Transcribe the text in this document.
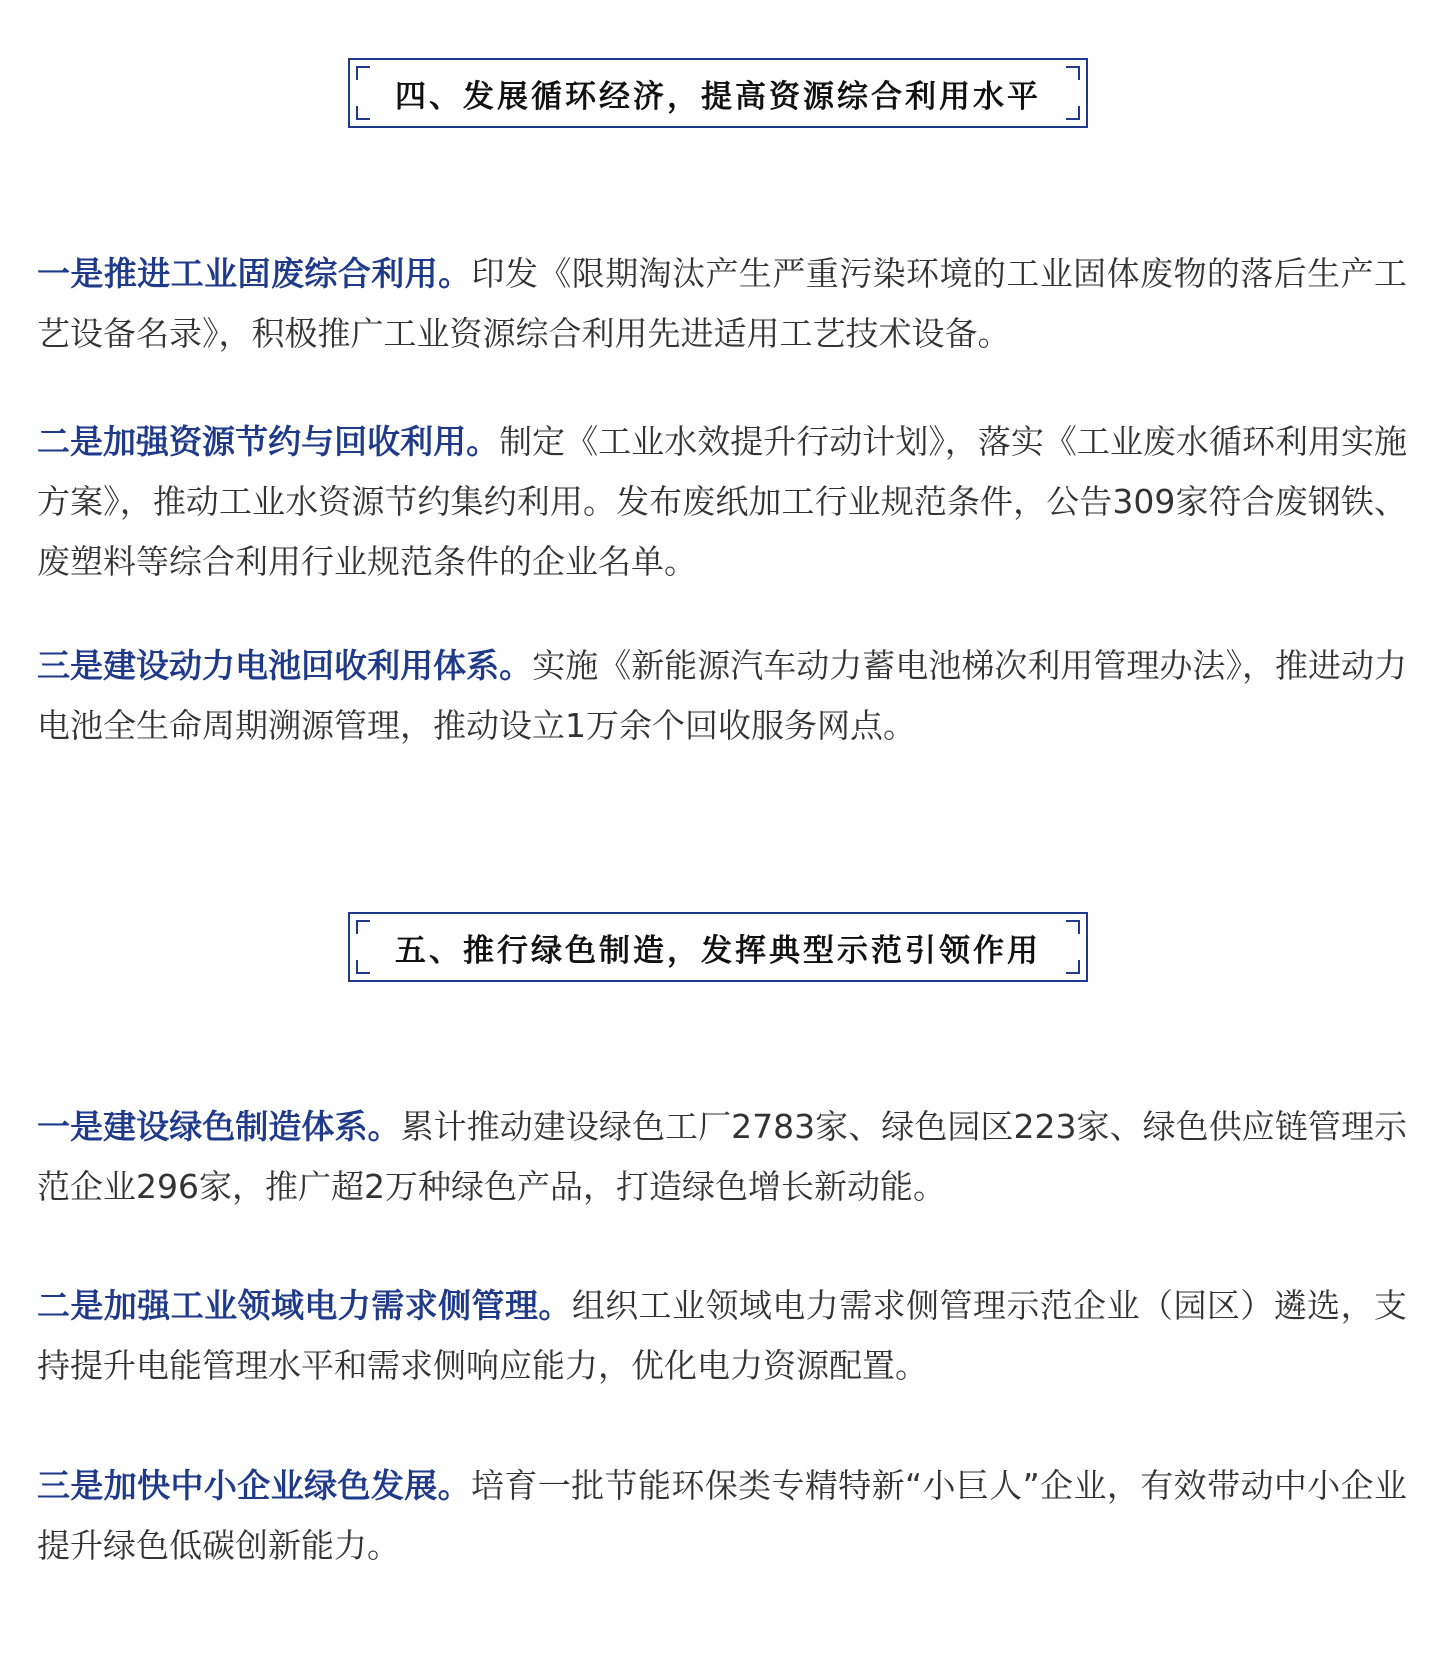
四、发展循环经济，提高资源综合利用水平

一是推进工业固废综合利用。印发《限期淘汰产生严重污染环境的工业固体废物的落后生产工艺设备名录》，积极推广工业资源综合利用先进适用工艺技术设备。

二是加强资源节约与回收利用。制定《工业水效提升行动计划》，落实《工业废水循环利用实施方案》，推动工业水资源节约集约利用。发布废纸加工行业规范条件，公告309家符合废钢铁、废塑料等综合利用行业规范条件的企业名单。

三是建设动力电池回收利用体系。实施《新能源汽车动力蓄电池梯次利用管理办法》，推进动力电池全生命周期溯源管理，推动设立1万余个回收服务网点。

五、推行绿色制造，发挥典型示范引领作用

一是建设绿色制造体系。累计推动建设绿色工厂2783家、绿色园区223家、绿色供应链管理示范企业296家，推广超2万种绿色产品，打造绿色增长新动能。

二是加强工业领域电力需求侧管理。组织工业领域电力需求侧管理示范企业（园区）遴选，支持提升电能管理水平和需求侧响应能力，优化电力资源配置。

三是加快中小企业绿色发展。培育一批节能环保类专精特新“小巨人”企业，有效带动中小企业提升绿色低碳创新能力。
